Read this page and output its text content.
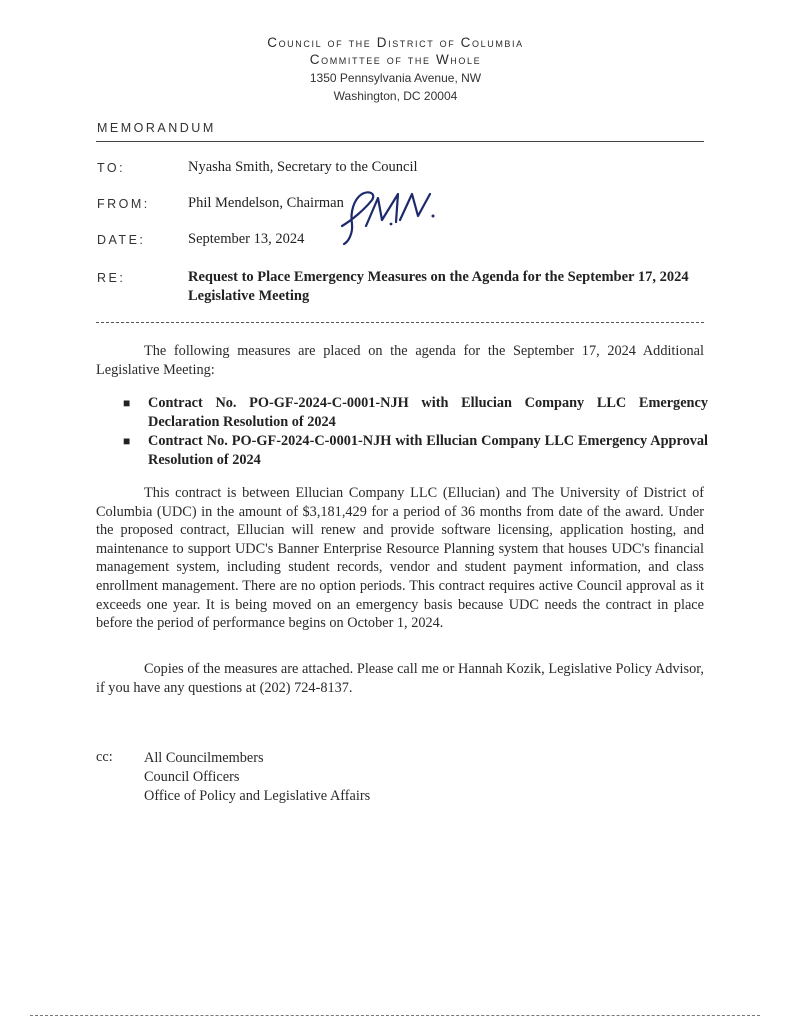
Council of the District of Columbia
Committee of the Whole
1350 Pennsylvania Avenue, NW
Washington, DC 20004
MEMORANDUM
TO:	Nyasha Smith, Secretary to the Council
FROM:	Phil Mendelson, Chairman
DATE:	September 13, 2024
RE:	Request to Place Emergency Measures on the Agenda for the September 17, 2024 Legislative Meeting
The following measures are placed on the agenda for the September 17, 2024 Additional Legislative Meeting:
■ Contract No. PO-GF-2024-C-0001-NJH with Ellucian Company LLC Emergency Declaration Resolution of 2024
■ Contract No. PO-GF-2024-C-0001-NJH with Ellucian Company LLC Emergency Approval Resolution of 2024
This contract is between Ellucian Company LLC (Ellucian) and The University of District of Columbia (UDC) in the amount of $3,181,429 for a period of 36 months from date of the award. Under the proposed contract, Ellucian will renew and provide software licensing, application hosting, and maintenance to support UDC's Banner Enterprise Resource Planning system that houses UDC's financial management system, including student records, vendor and student payment information, and class enrollment management. There are no option periods. This contract requires active Council approval as it exceeds one year. It is being moved on an emergency basis because UDC needs the contract in place before the period of performance begins on October 1, 2024.
Copies of the measures are attached. Please call me or Hannah Kozik, Legislative Policy Advisor, if you have any questions at (202) 724-8137.
cc: All Councilmembers
Council Officers
Office of Policy and Legislative Affairs
